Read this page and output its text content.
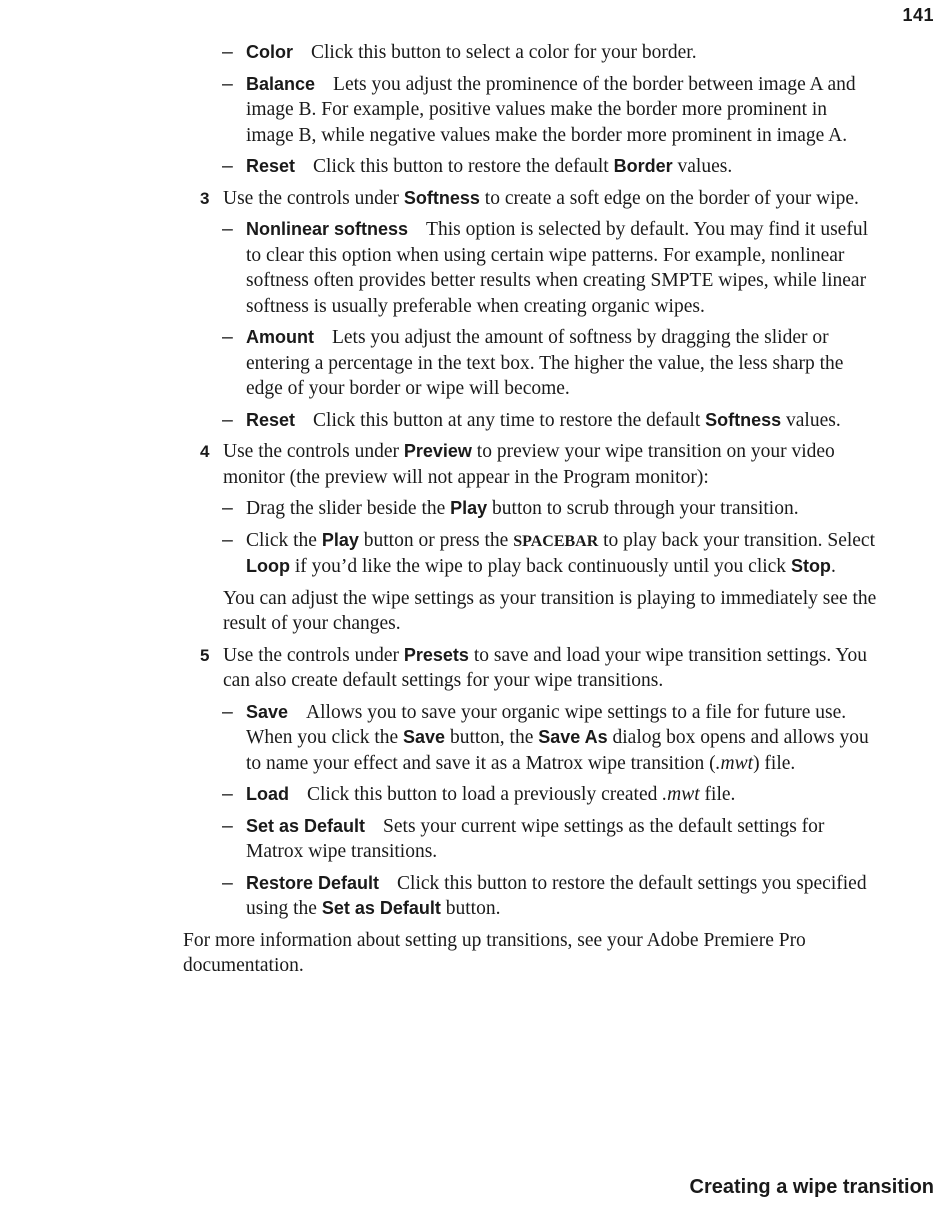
141
– Color Click this button to select a color for your border.
– Balance Lets you adjust the prominence of the border between image A and image B. For example, positive values make the border more prominent in image B, while negative values make the border more prominent in image A.
– Reset Click this button to restore the default Border values.
3 Use the controls under Softness to create a soft edge on the border of your wipe.
– Nonlinear softness This option is selected by default. You may find it useful to clear this option when using certain wipe patterns. For example, nonlinear softness often provides better results when creating SMPTE wipes, while linear softness is usually preferable when creating organic wipes.
– Amount Lets you adjust the amount of softness by dragging the slider or entering a percentage in the text box. The higher the value, the less sharp the edge of your border or wipe will become.
– Reset Click this button at any time to restore the default Softness values.
4 Use the controls under Preview to preview your wipe transition on your video monitor (the preview will not appear in the Program monitor):
– Drag the slider beside the Play button to scrub through your transition.
– Click the Play button or press the SPACEBAR to play back your transition. Select Loop if you’d like the wipe to play back continuously until you click Stop.
You can adjust the wipe settings as your transition is playing to immediately see the result of your changes.
5 Use the controls under Presets to save and load your wipe transition settings. You can also create default settings for your wipe transitions.
– Save Allows you to save your organic wipe settings to a file for future use. When you click the Save button, the Save As dialog box opens and allows you to name your effect and save it as a Matrox wipe transition (.mwt) file.
– Load Click this button to load a previously created .mwt file.
– Set as Default Sets your current wipe settings as the default settings for Matrox wipe transitions.
– Restore Default Click this button to restore the default settings you specified using the Set as Default button.
For more information about setting up transitions, see your Adobe Premiere Pro documentation.
Creating a wipe transition
